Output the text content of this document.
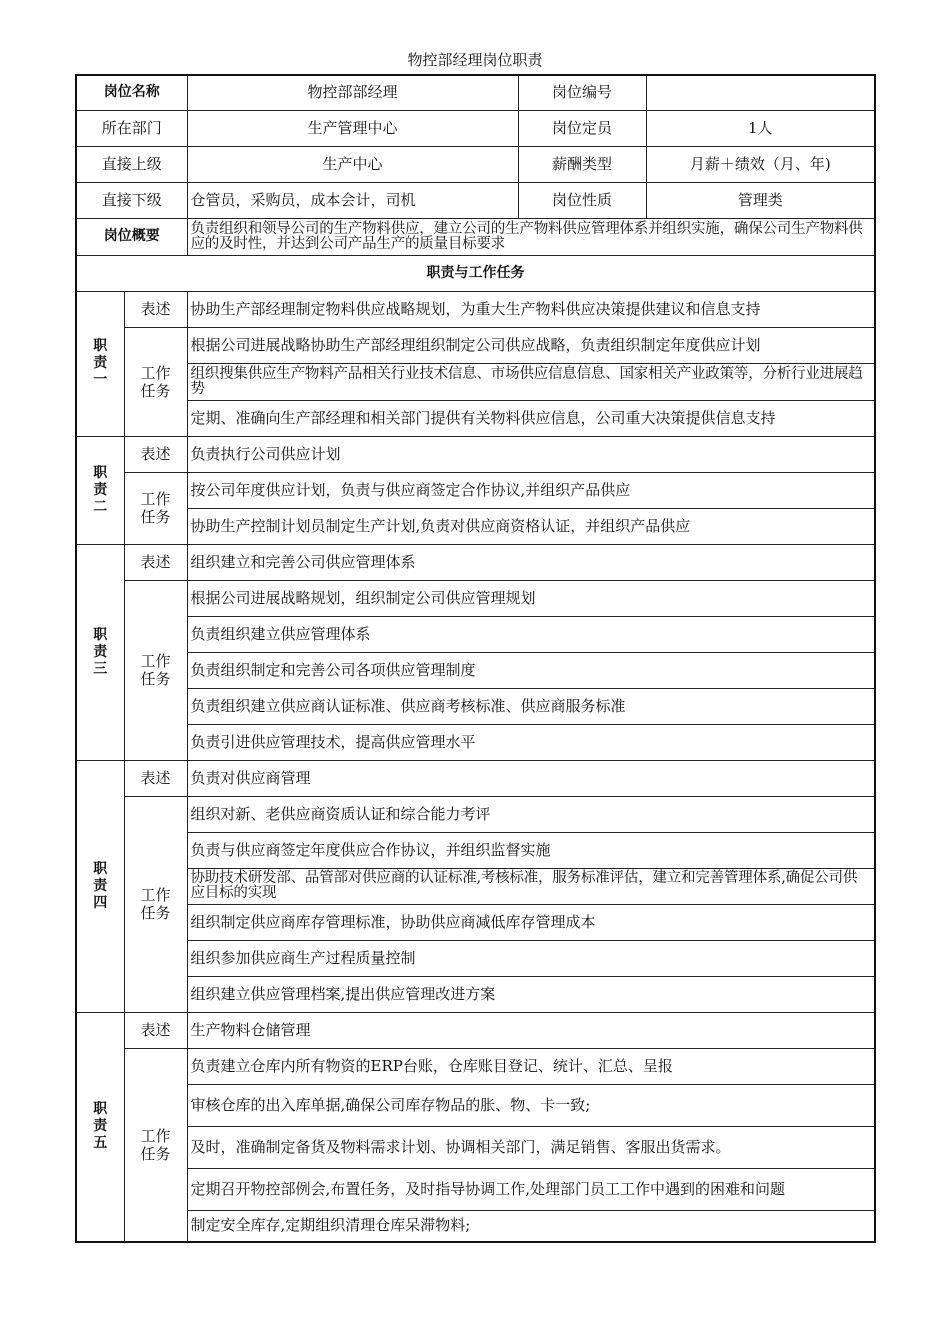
物控部经理岗位职责
岗位名称		物控部部经理	岗位编号	
所在部门		生产管理中心	岗位定员	1人
直接上级		生产中心	薪酬类型	月薪＋绩效（月、年)
直接下级		仓管员，采购员，成本会计，司机	岗位性质	管理类
岗位概要		负责组织和领导公司的生产物料供应，建立公司的生产物料供应管理体系并组织实施，确保公司生产物料供应的及时性，并达到公司产品生产的质量目标要求		
职责与工作任务				

职责一	表述	协助生产部经理制定物料供应战略规划，为重大生产物料供应决策提供建议和信息支持		

	工作任务	根据公司进展战略协助生产部经理组织制定公司供应战略，负责组织制定年度供应计划		
		组织搜集供应生产物料产品相关行业技术信息、市场供应信息信息、国家相关产业政策等，分析行业进展趋势		
		定期、准确向生产部经理和相关部门提供有关物料供应信息，公司重大决策提供信息支持		

职责二	表述	负责执行公司供应计划		

	工作任务	按公司年度供应计划，负责与供应商签定合作协议,并组织产品供应		
		协助生产控制计划员制定生产计划,负责对供应商资格认证，并组织产品供应		

职责三	表述	组织建立和完善公司供应管理体系		

	工作任务	根据公司进展战略规划，组织制定公司供应管理规划		
		负责组织建立供应管理体系		
		负责组织制定和完善公司各项供应管理制度		
		负责组织建立供应商认证标准、供应商考核标准、供应商服务标准		
		负责引进供应管理技术，提高供应管理水平		

职责四	表述	负责对供应商管理		

	工作任务	组织对新、老供应商资质认证和综合能力考评		
		负责与供应商签定年度供应合作协议，并组织监督实施		
		协助技术研发部、品管部对供应商的认证标准,考核标准，服务标准评估，建立和完善管理体系,确促公司供应目标的实现		
		组织制定供应商库存管理标准，协助供应商减低库存管理成本		
		组织参加供应商生产过程质量控制		
		组织建立供应管理档案,提出供应管理改进方案		

职责五	表述	生产物料仓储管理		

	工作任务	负责建立仓库内所有物资的ERP台账，仓库账目登记、统计、汇总、呈报		
		审核仓库的出入库单据,确保公司库存物品的胀、物、卡一致;		
		及时，准确制定备货及物料需求计划、协调相关部门，满足销售、客服出货需求。		
		定期召开物控部例会,布置任务，及时指导协调工作,处理部门员工工作中遇到的困难和问题		
		制定安全库存,定期组织清理仓库呆滞物料;		
